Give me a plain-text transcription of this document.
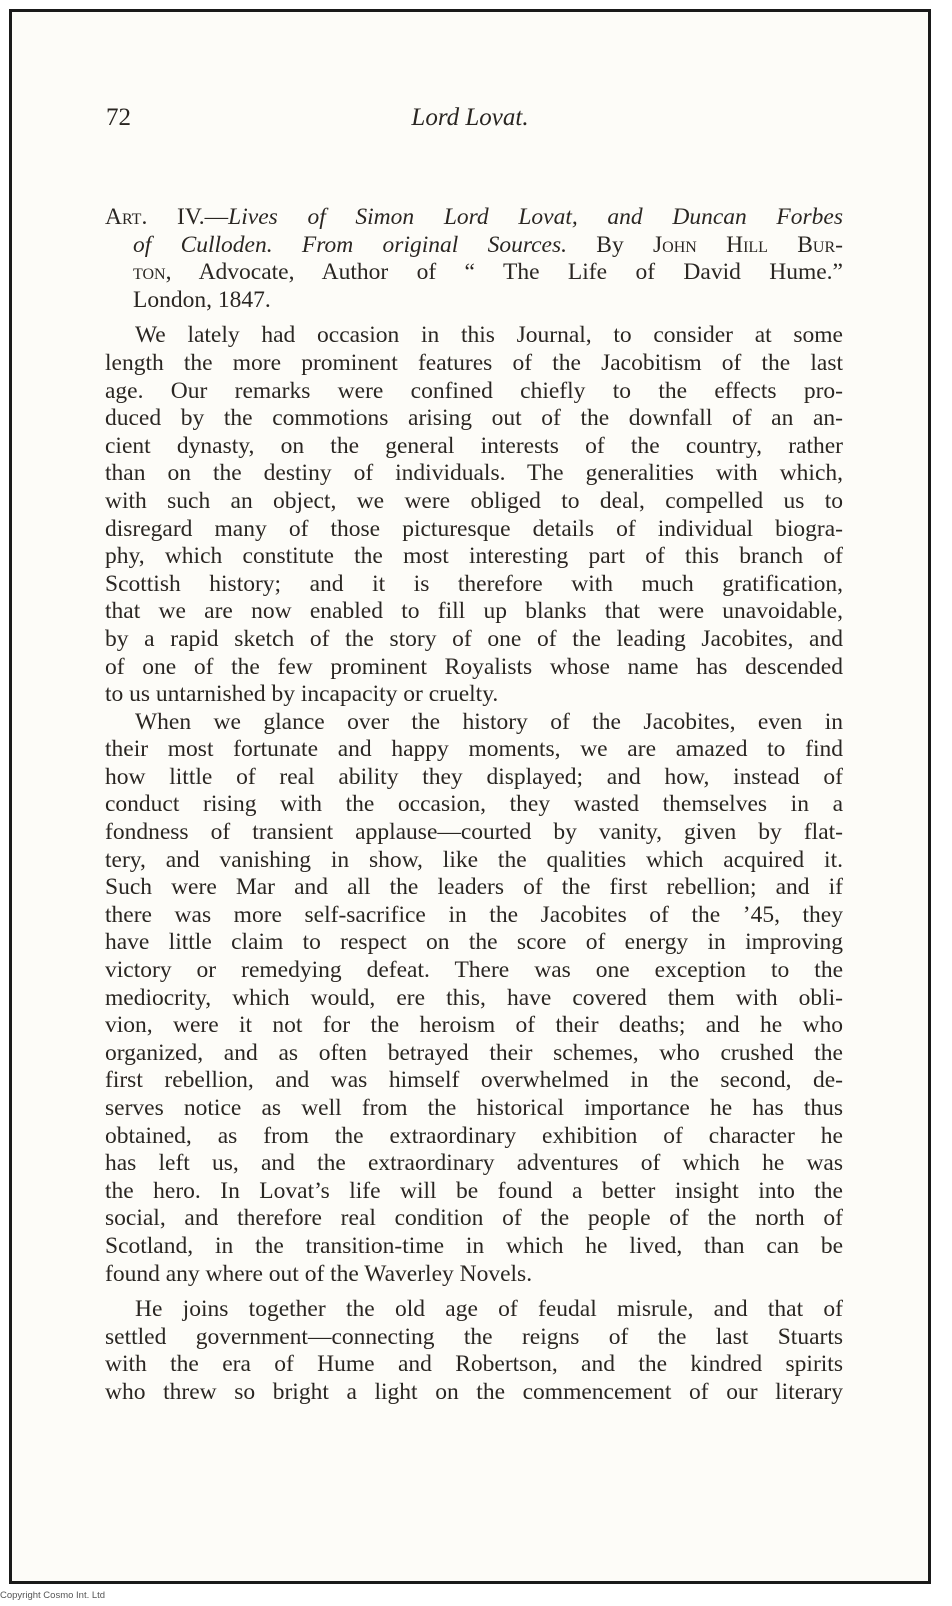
72	Lord Lovat.
Art. IV.—Lives of Simon Lord Lovat, and Duncan Forbes
of Culloden. From original Sources. By John Hill Bur-
ton, Advocate, Author of “ The Life of David Hume.”
London, 1847.
We lately had occasion in this Journal, to consider at some
length the more prominent features of the Jacobitism of the last
age. Our remarks were confined chiefly to the effects pro-
duced by the commotions arising out of the downfall of an an-
cient dynasty, on the general interests of the country, rather
than on the destiny of individuals. The generalities with which,
with such an object, we were obliged to deal, compelled us to
disregard many of those picturesque details of individual biogra-
phy, which constitute the most interesting part of this branch of
Scottish history; and it is therefore with much gratification,
that we are now enabled to fill up blanks that were unavoidable,
by a rapid sketch of the story of one of the leading Jacobites, and
of one of the few prominent Royalists whose name has descended
to us untarnished by incapacity or cruelty.
When we glance over the history of the Jacobites, even in
their most fortunate and happy moments, we are amazed to find
how little of real ability they displayed; and how, instead of
conduct rising with the occasion, they wasted themselves in a
fondness of transient applause—courted by vanity, given by flat-
tery, and vanishing in show, like the qualities which acquired it.
Such were Mar and all the leaders of the first rebellion; and if
there was more self-sacrifice in the Jacobites of the ’45, they
have little claim to respect on the score of energy in improving
victory or remedying defeat. There was one exception to the
mediocrity, which would, ere this, have covered them with obli-
vion, were it not for the heroism of their deaths; and he who
organized, and as often betrayed their schemes, who crushed the
first rebellion, and was himself overwhelmed in the second, de-
serves notice as well from the historical importance he has thus
obtained, as from the extraordinary exhibition of character he
has left us, and the extraordinary adventures of which he was
the hero. In Lovat’s life will be found a better insight into the
social, and therefore real condition of the people of the north of
Scotland, in the transition-time in which he lived, than can be
found any where out of the Waverley Novels.
He joins together the old age of feudal misrule, and that of
settled government—connecting the reigns of the last Stuarts
with the era of Hume and Robertson, and the kindred spirits
who threw so bright a light on the commencement of our literary
Copyright Cosmo Int. Ltd
